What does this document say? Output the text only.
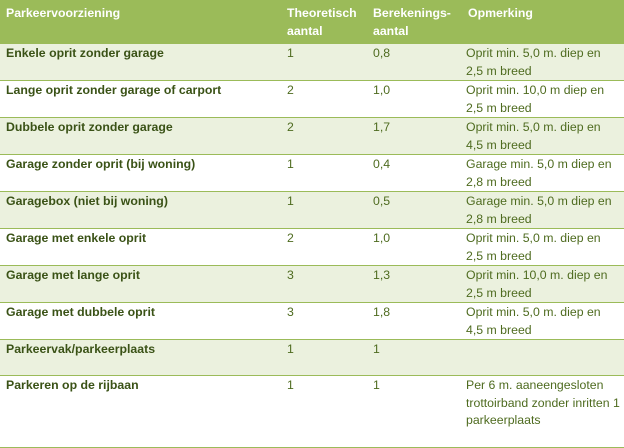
Parkeervoorziening	Theoretisch aantal	Berekenings-aantal	Opmerking
Enkele oprit zonder garage	1	0,8	Oprit min. 5,0 m. diep en 2,5 m breed
Lange oprit zonder garage of carport	2	1,0	Oprit min. 10,0 m diep en 2,5 m breed
Dubbele oprit zonder garage	2	1,7	Oprit min. 5,0 m. diep en 4,5 m breed
Garage zonder oprit (bij woning)	1	0,4	Garage min. 5,0 m diep en 2,8 m breed
Garagebox (niet bij woning)	1	0,5	Garage min. 5,0 m diep en 2,8 m breed
Garage met enkele oprit	2	1,0	Oprit min. 5,0 m. diep en 2,5 m breed
Garage met lange oprit	3	1,3	Oprit min. 10,0 m. diep en 2,5 m breed
Garage met dubbele oprit	3	1,8	Oprit min. 5,0 m. diep en 4,5 m breed
Parkeervak/parkeerplaats	1	1	
Parkeren op de rijbaan	1	1	Per 6 m. aaneengesloten trottoirband zonder inritten 1 parkeerplaats
